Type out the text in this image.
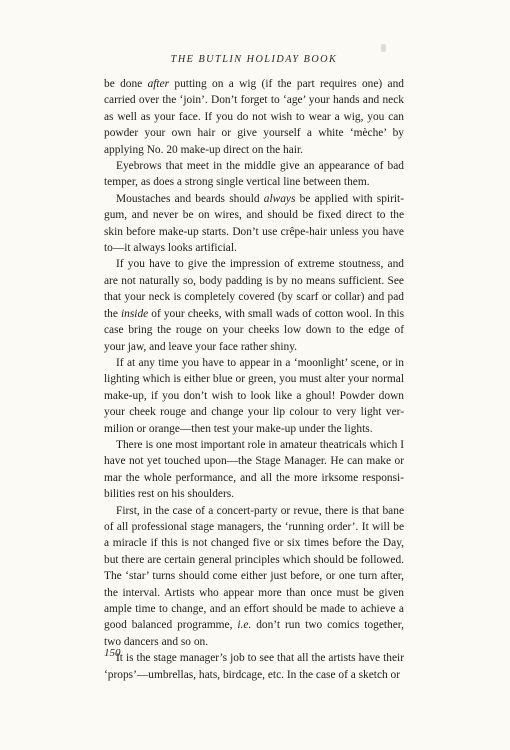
THE BUTLIN HOLIDAY BOOK

be done after putting on a wig (if the part requires one) and carried over the ‘join’. Don’t forget to ‘age’ your hands and neck as well as your face. If you do not wish to wear a wig, you can powder your own hair or give yourself a white ‘mèche’ by applying No. 20 make-up direct on the hair.

Eyebrows that meet in the middle give an appearance of bad temper, as does a strong single vertical line between them.

Moustaches and beards should always be applied with spirit-gum, and never be on wires, and should be fixed direct to the skin before make-up starts. Don’t use crêpe-hair unless you have to—it always looks artificial.

If you have to give the impression of extreme stoutness, and are not naturally so, body padding is by no means sufficient. See that your neck is completely covered (by scarf or collar) and pad the inside of your cheeks, with small wads of cotton wool. In this case bring the rouge on your cheeks low down to the edge of your jaw, and leave your face rather shiny.

If at any time you have to appear in a ‘moonlight’ scene, or in lighting which is either blue or green, you must alter your normal make-up, if you don’t wish to look like a ghoul! Powder down your cheek rouge and change your lip colour to very light ver-milion or orange—then test your make-up under the lights.

There is one most important role in amateur theatricals which I have not yet touched upon—the Stage Manager. He can make or mar the whole performance, and all the more irksome responsi-bilities rest on his shoulders.

First, in the case of a concert-party or revue, there is that bane of all professional stage managers, the ‘running order’. It will be a miracle if this is not changed five or six times before the Day, but there are certain general principles which should be followed. The ‘star’ turns should come either just before, or one turn after, the interval. Artists who appear more than once must be given ample time to change, and an effort should be made to achieve a good balanced programme, i.e. don’t run two comics together, two dancers and so on.

It is the stage manager’s job to see that all the artists have their ‘props’—umbrellas, hats, birdcage, etc. In the case of a sketch or

150
